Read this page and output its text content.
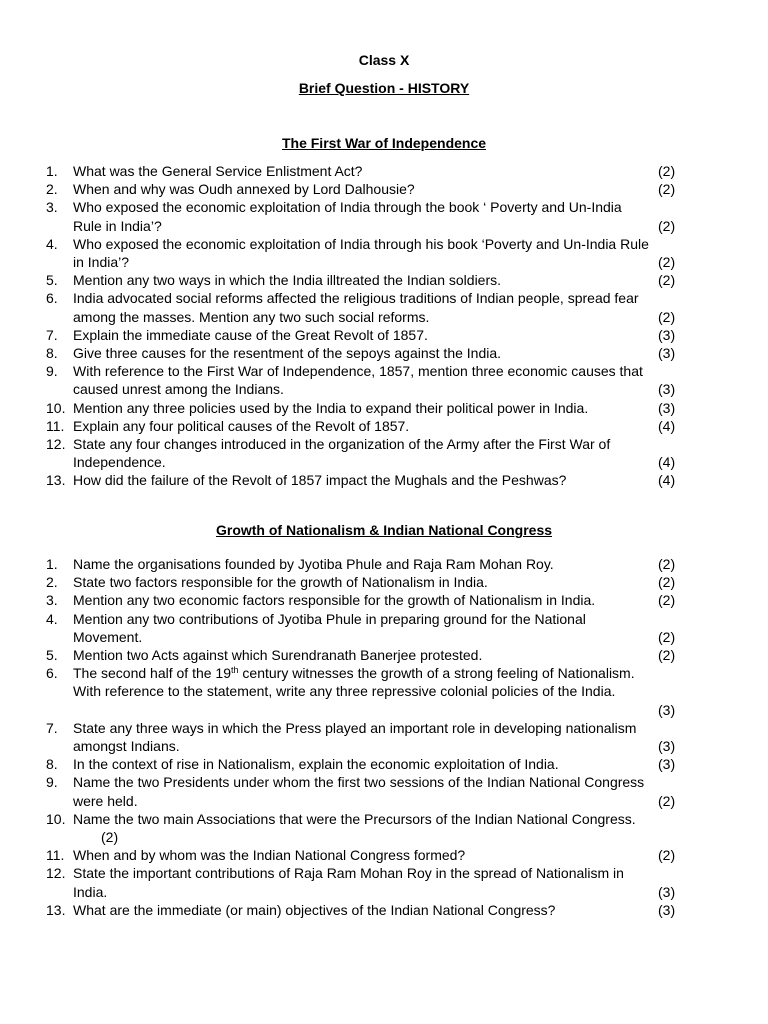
Class X
Brief Question - HISTORY
The First War of Independence
1.	What was the General Service Enlistment Act?	(2)
2.	When and why was Oudh annexed by Lord Dalhousie?	(2)
3.	Who exposed the economic exploitation of India through the book ‘ Poverty and Un-India
Rule in India’?	(2)
4.	Who exposed the economic exploitation of India through his book ‘Poverty and Un-India Rule
in India’?	(2)
5.	Mention any two ways in which the India illtreated the Indian soldiers.	(2)
6.	India advocated social reforms affected the religious traditions of Indian people, spread fear
among the masses. Mention any two such social reforms.	(2)
7.	Explain the immediate cause of the Great Revolt of 1857.	(3)
8.	Give three causes for the resentment of the sepoys against the India.	(3)
9.	With reference to the First War of Independence, 1857, mention three economic causes that
caused unrest among the Indians.	(3)
10. Mention any three policies used by the India to expand their political power in India.	(3)
11. Explain any four political causes of the Revolt of 1857.	(4)
12. State any four changes introduced in the organization of the Army after the First War of
Independence.	(4)
13. How did the failure of the Revolt of 1857 impact the Mughals and the Peshwas?	(4)
Growth of Nationalism & Indian National Congress
1.	Name the organisations founded by Jyotiba Phule and Raja Ram Mohan Roy.	(2)
2.	State two factors responsible for the growth of Nationalism in India.	(2)
3.	Mention any two economic factors responsible for the growth of Nationalism in India.	(2)
4.	Mention any two contributions of Jyotiba Phule in preparing ground for the National
Movement.	(2)
5.	Mention two Acts against which Surendranath Banerjee protested.	(2)
6.	The second half of the 19th century witnesses the growth of a strong feeling of Nationalism.
With reference to the statement, write any three repressive colonial policies of the India.
(3)
7.	State any three ways in which the Press played an important role in developing nationalism
amongst Indians.	(3)
8.	In the context of rise in Nationalism, explain the economic exploitation of India.	(3)
9.	Name the two Presidents under whom the first two sessions of the Indian National Congress
were held.	(2)
10. Name the two main Associations that were the Precursors of the Indian National Congress.
(2)
11. When and by whom was the Indian National Congress formed?	(2)
12. State the important contributions of Raja Ram Mohan Roy in the spread of Nationalism in
India.	(3)
13. What are the immediate (or main) objectives of the Indian National Congress?	(3)
